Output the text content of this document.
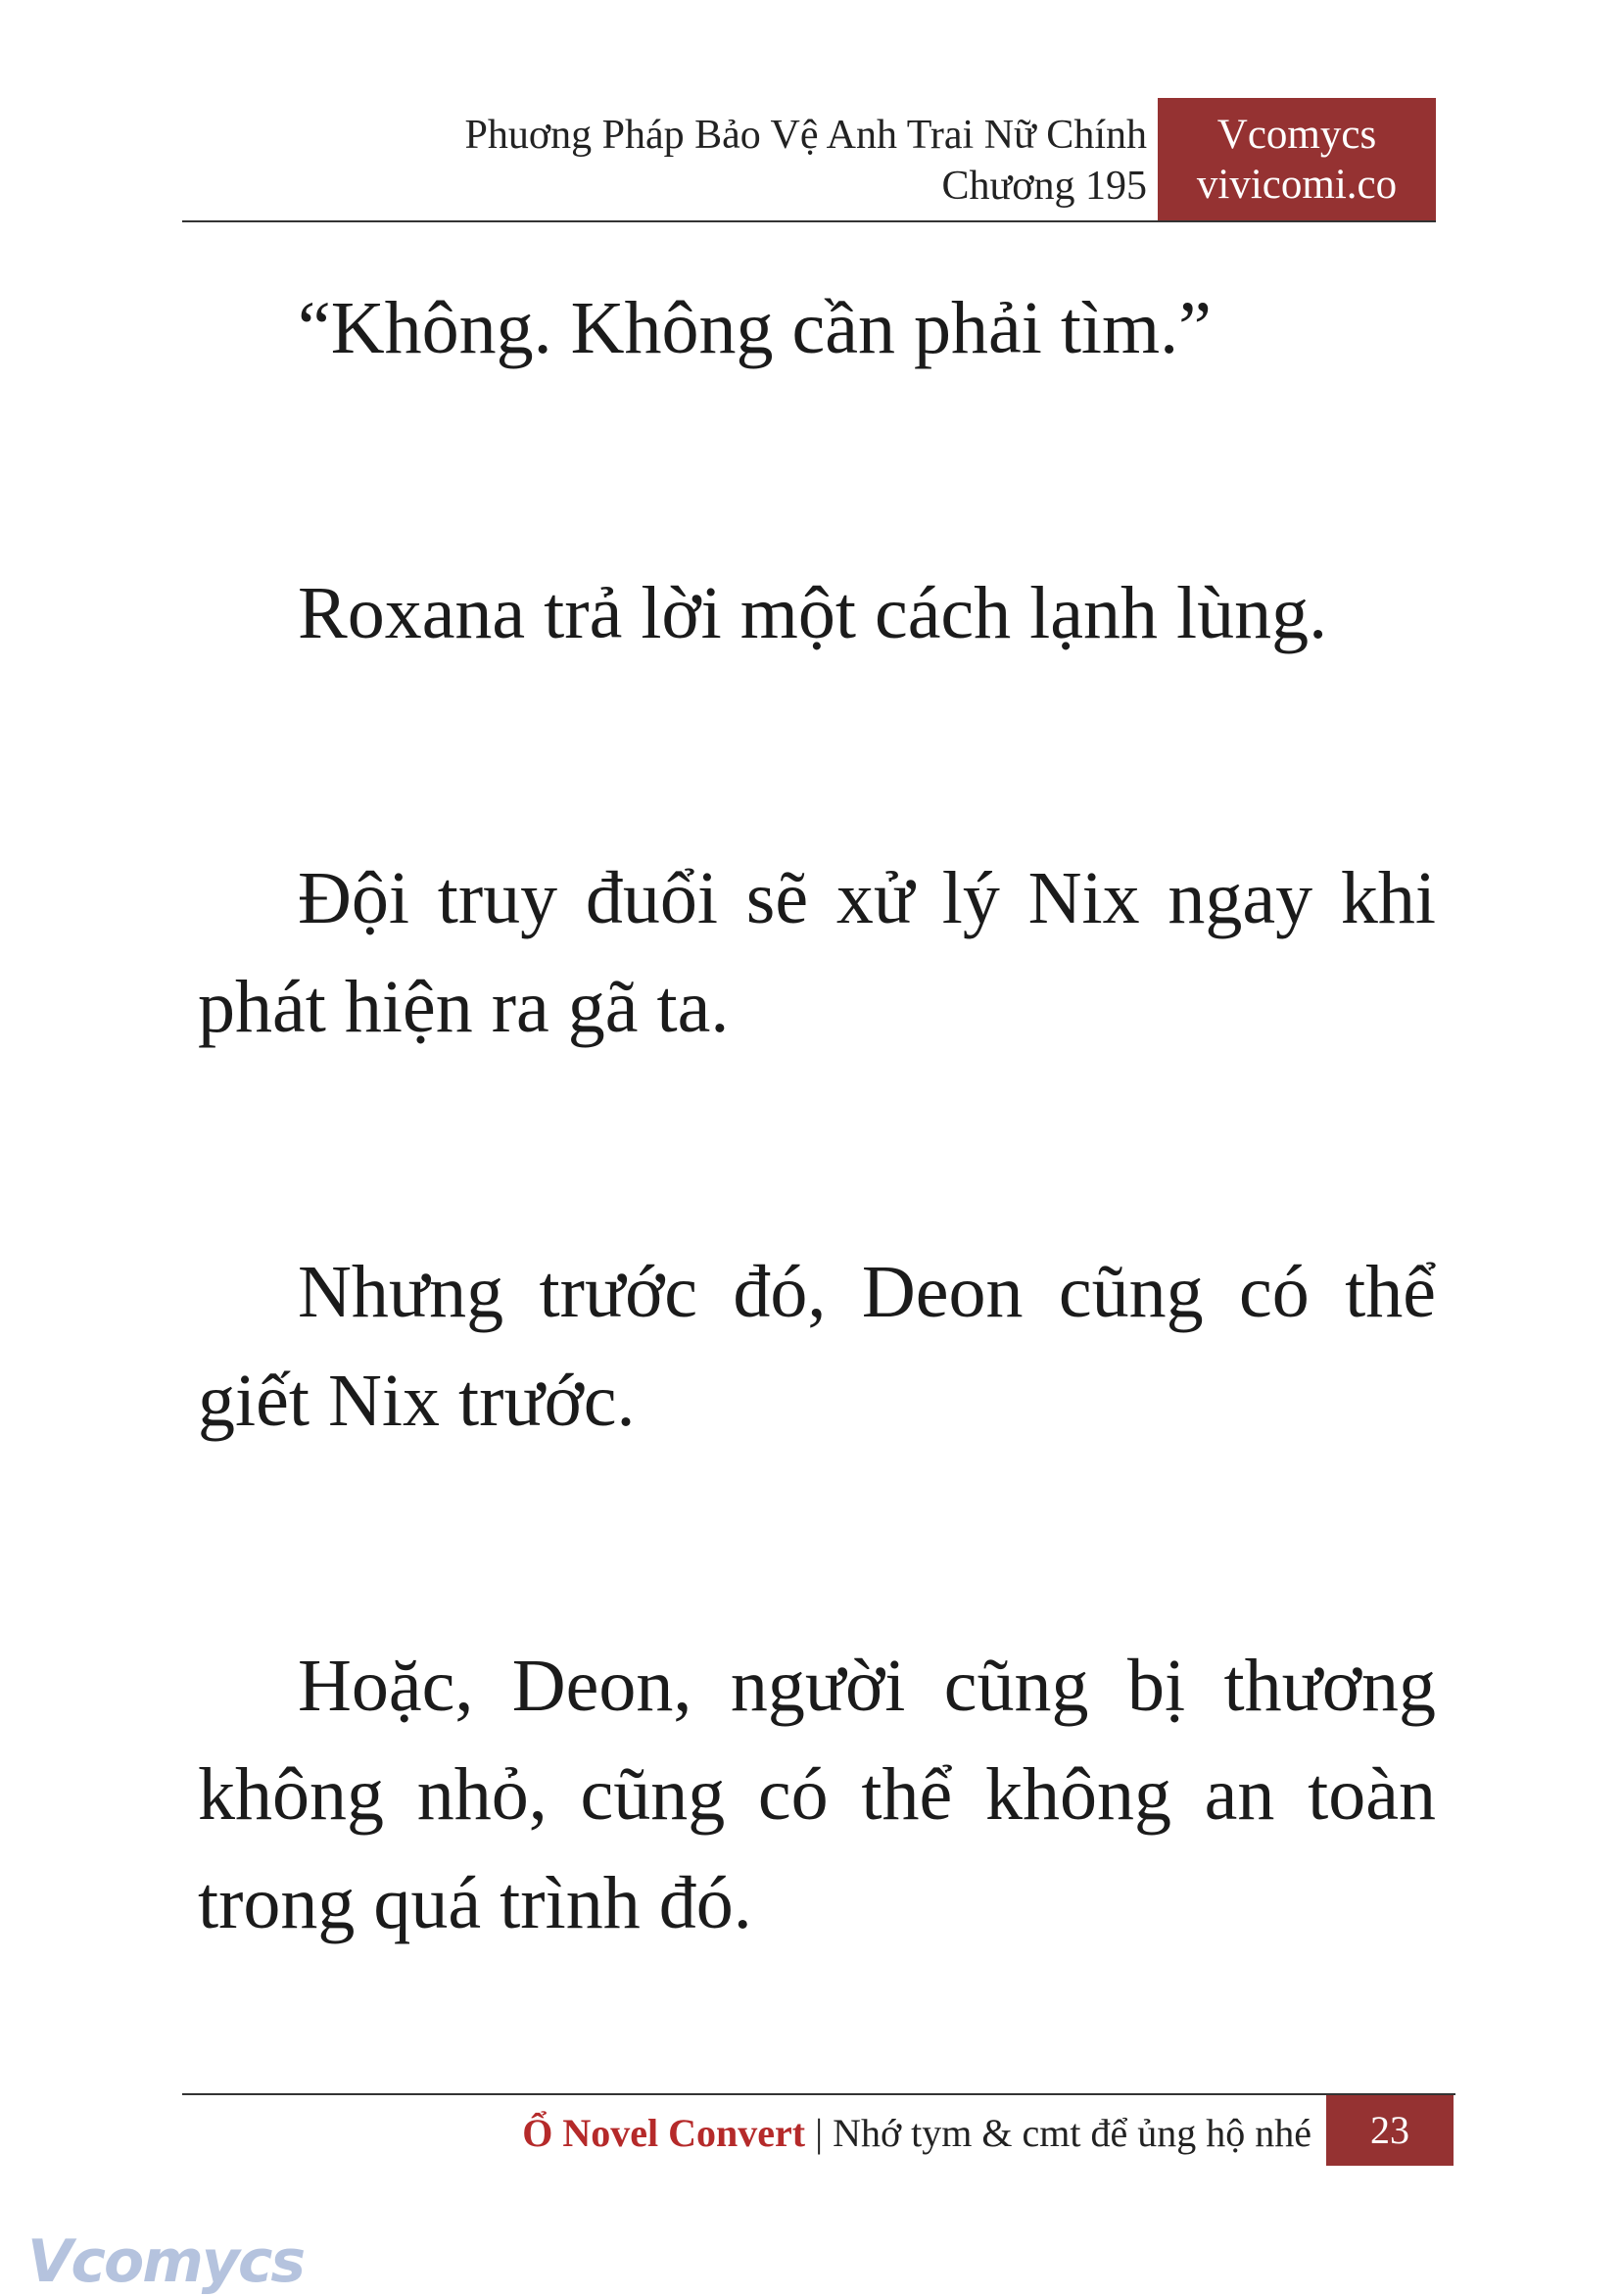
Phuơng Pháp Bảo Vệ Anh Trai Nữ Chính
Chương 195
Vcomycs
vivicomi.co

“Không. Không cần phải tìm.”

Roxana trả lời một cách lạnh lùng.

Đội truy đuổi sẽ xử lý Nix ngay khi phát hiện ra gã ta.

Nhưng trước đó, Deon cũng có thể giết Nix trước.

Hoặc, Deon, người cũng bị thương không nhỏ, cũng có thể không an toàn trong quá trình đó.

Ổ Novel Convert | Nhớ tym & cmt để ủng hộ nhé	23
Vcomycs
